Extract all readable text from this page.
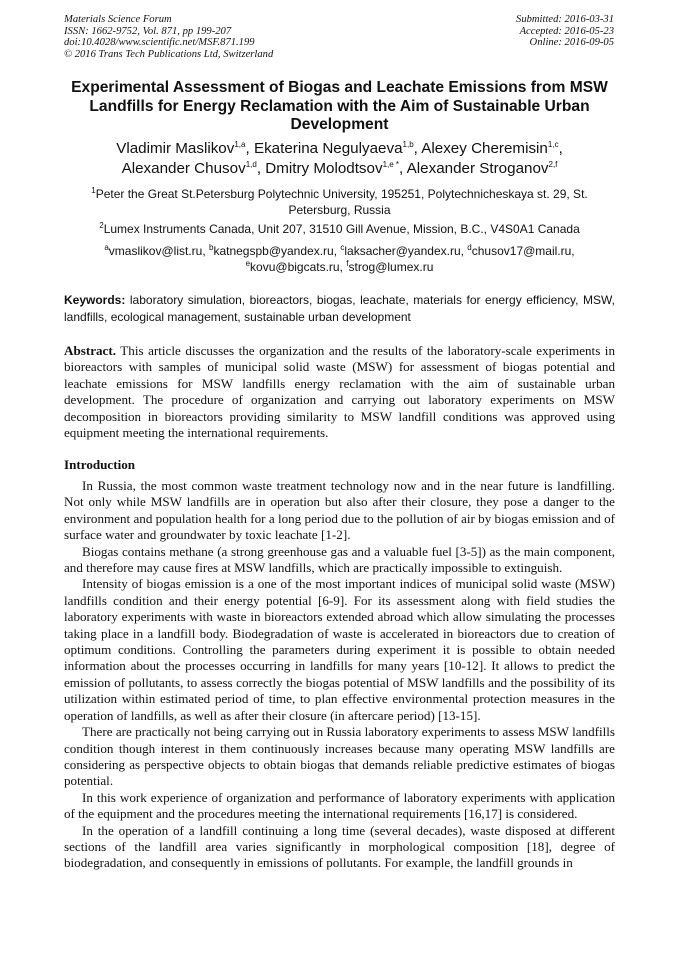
Materials Science Forum
ISSN: 1662-9752, Vol. 871, pp 199-207
doi:10.4028/www.scientific.net/MSF.871.199
© 2016 Trans Tech Publications Ltd, Switzerland
Submitted: 2016-03-31
Accepted: 2016-05-23
Online: 2016-09-05
Experimental Assessment of Biogas and Leachate Emissions from MSW Landfills for Energy Reclamation with the Aim of Sustainable Urban Development
Vladimir Maslikov$^{1,a}$, Ekaterina Negulyaeva$^{1,b}$, Alexey Cheremisin$^{1,c}$,
Alexander Chusov$^{1,d}$, Dmitry Molodtsov$^{1,e *}$, Alexander Stroganov$^{2,f}$
$^1$Peter the Great St.Petersburg Polytechnic University, 195251, Polytechnicheskaya st. 29, St. Petersburg, Russia
$^2$Lumex Instruments Canada, Unit 207, 31510 Gill Avenue, Mission, B.C., V4S0A1 Canada
$^a$vmaslikov@list.ru, $^b$katnegspb@yandex.ru, $^c$laksacher@yandex.ru, $^d$chusov17@mail.ru,
$^e$kovu@bigcats.ru, $^f$strog@lumex.ru
Keywords: laboratory simulation, bioreactors, biogas, leachate, materials for energy efficiency, MSW, landfills, ecological management, sustainable urban development
Abstract. This article discusses the organization and the results of the laboratory-scale experiments in bioreactors with samples of municipal solid waste (MSW) for assessment of biogas potential and leachate emissions for MSW landfills energy reclamation with the aim of sustainable urban development. The procedure of organization and carrying out laboratory experiments on MSW decomposition in bioreactors providing similarity to MSW landfill conditions was approved using equipment meeting the international requirements.
Introduction

In Russia, the most common waste treatment technology now and in the near future is landfilling. Not only while MSW landfills are in operation but also after their closure, they pose a danger to the environment and population health for a long period due to the pollution of air by biogas emission and of surface water and groundwater by toxic leachate [1-2].

Biogas contains methane (a strong greenhouse gas and a valuable fuel [3-5]) as the main component, and therefore may cause fires at MSW landfills, which are practically impossible to extinguish.

Intensity of biogas emission is a one of the most important indices of municipal solid waste (MSW) landfills condition and their energy potential [6-9]. For its assessment along with field studies the laboratory experiments with waste in bioreactors extended abroad which allow simulating the processes taking place in a landfill body. Biodegradation of waste is accelerated in bioreactors due to creation of optimum conditions. Controlling the parameters during experiment it is possible to obtain needed information about the processes occurring in landfills for many years [10-12]. It allows to predict the emission of pollutants, to assess correctly the biogas potential of MSW landfills and the possibility of its utilization within estimated period of time, to plan effective environmental protection measures in the operation of landfills, as well as after their closure (in aftercare period) [13-15].

There are practically not being carrying out in Russia laboratory experiments to assess MSW landfills condition though interest in them continuously increases because many operating MSW landfills are considering as perspective objects to obtain biogas that demands reliable predictive estimates of biogas potential.

In this work experience of organization and performance of laboratory experiments with application of the equipment and the procedures meeting the international requirements [16,17] is considered.

In the operation of a landfill continuing a long time (several decades), waste disposed at different sections of the landfill area varies significantly in morphological composition [18], degree of biodegradation, and consequently in emissions of pollutants. For example, the landfill grounds in
